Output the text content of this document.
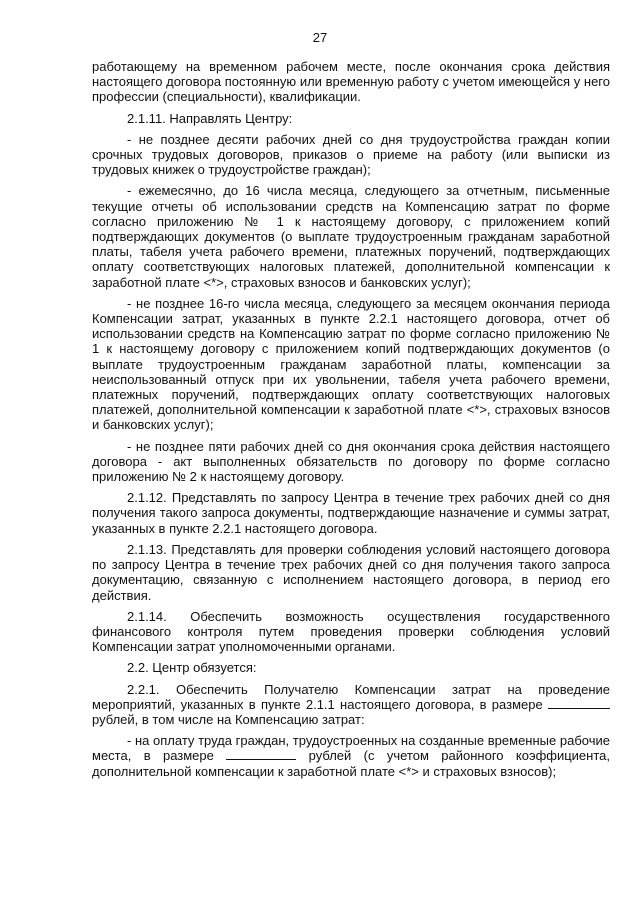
27

работающему на временном рабочем месте, после окончания срока действия настоящего договора постоянную или временную работу с учетом имеющейся у него профессии (специальности), квалификации.

2.1.11. Направлять Центру:

- не позднее десяти рабочих дней со дня трудоустройства граждан копии срочных трудовых договоров, приказов о приеме на работу (или выписки из трудовых книжек о трудоустройстве граждан);

- ежемесячно, до 16 числа месяца, следующего за отчетным, письменные текущие отчеты об использовании средств на Компенсацию затрат по форме согласно приложению № 1 к настоящему договору, с приложением копий подтверждающих документов (о выплате трудоустроенным гражданам заработной платы, табеля учета рабочего времени, платежных поручений, подтверждающих оплату соответствующих налоговых платежей, дополнительной компенсации к заработной плате <*>, страховых взносов и банковских услуг);

- не позднее 16-го числа месяца, следующего за месяцем окончания периода Компенсации затрат, указанных в пункте 2.2.1 настоящего договора, отчет об использовании средств на Компенсацию затрат по форме согласно приложению № 1 к настоящему договору с приложением копий подтверждающих документов (о выплате трудоустроенным гражданам заработной платы, компенсации за неиспользованный отпуск при их увольнении, табеля учета рабочего времени, платежных поручений, подтверждающих оплату соответствующих налоговых платежей, дополнительной компенсации к заработной плате <*>, страховых взносов и банковских услуг);

- не позднее пяти рабочих дней со дня окончания срока действия настоящего договора - акт выполненных обязательств по договору по форме согласно приложению № 2 к настоящему договору.

2.1.12. Представлять по запросу Центра в течение трех рабочих дней со дня получения такого запроса документы, подтверждающие назначение и суммы затрат, указанных в пункте 2.2.1 настоящего договора.

2.1.13. Представлять для проверки соблюдения условий настоящего договора по запросу Центра в течение трех рабочих дней со дня получения такого запроса документацию, связанную с исполнением настоящего договора, в период его действия.

2.1.14. Обеспечить возможность осуществления государственного финансового контроля путем проведения проверки соблюдения условий Компенсации затрат уполномоченными органами.

2.2. Центр обязуется:

2.2.1. Обеспечить Получателю Компенсации затрат на проведение мероприятий, указанных в пункте 2.1.1 настоящего договора, в размере  рублей, в том числе на Компенсацию затрат:

- на оплату труда граждан, трудоустроенных на созданные временные рабочие места, в размере	рублей (с учетом районного коэффициента, дополнительной компенсации к заработной плате <*> и страховых взносов);
